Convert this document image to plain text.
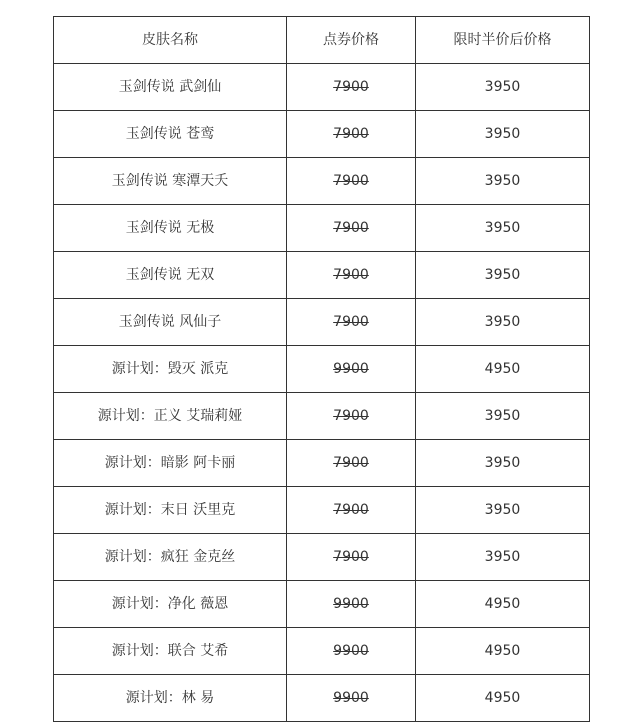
皮肤名称	点券价格	限时半价后价格
玉剑传说 武剑仙	7900	3950
玉剑传说 苍鸾	7900	3950
玉剑传说 寒潭天夭	7900	3950
玉剑传说 无极	7900	3950
玉剑传说 无双	7900	3950
玉剑传说 风仙子	7900	3950
源计划：毁灭 派克	9900	4950
源计划：正义 艾瑞莉娅	7900	3950
源计划：暗影 阿卡丽	7900	3950
源计划：末日 沃里克	7900	3950
源计划：疯狂 金克丝	7900	3950
源计划：净化 薇恩	9900	4950
源计划：联合 艾希	9900	4950
源计划：林 易	9900	4950
